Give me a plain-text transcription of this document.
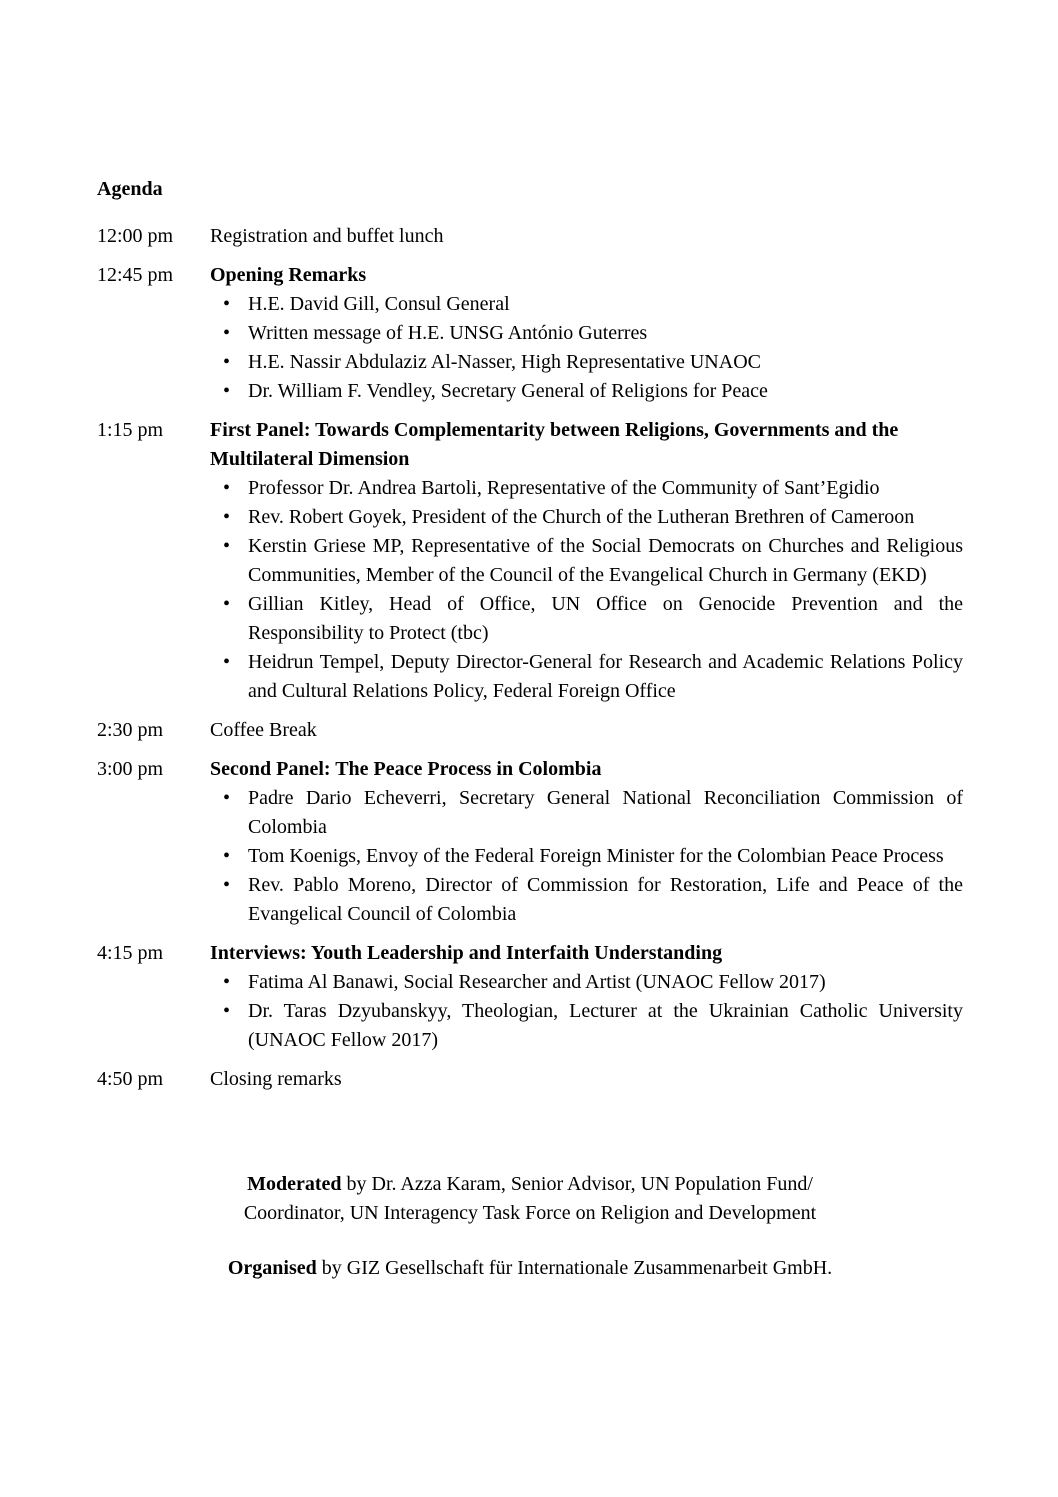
Agenda

12:00 pm	Registration and buffet lunch
12:45 pm	Opening Remarks
• H.E. David Gill, Consul General
• Written message of H.E. UNSG António Guterres
• H.E. Nassir Abdulaziz Al-Nasser, High Representative UNAOC
• Dr. William F. Vendley, Secretary General of Religions for Peace
1:15 pm	First Panel: Towards Complementarity between Religions, Governments and the Multilateral Dimension
• Professor Dr. Andrea Bartoli, Representative of the Community of Sant’Egidio
• Rev. Robert Goyek, President of the Church of the Lutheran Brethren of Cameroon
• Kerstin Griese MP, Representative of the Social Democrats on Churches and Religious Communities, Member of the Council of the Evangelical Church in Germany (EKD)
• Gillian Kitley, Head of Office, UN Office on Genocide Prevention and the Responsibility to Protect (tbc)
• Heidrun Tempel, Deputy Director-General for Research and Academic Relations Policy and Cultural Relations Policy, Federal Foreign Office
2:30 pm	Coffee Break
3:00 pm	Second Panel: The Peace Process in Colombia
• Padre Dario Echeverri, Secretary General National Reconciliation Commission of Colombia
• Tom Koenigs, Envoy of the Federal Foreign Minister for the Colombian Peace Process
• Rev. Pablo Moreno, Director of Commission for Restoration, Life and Peace of the Evangelical Council of Colombia
4:15 pm	Interviews: Youth Leadership and Interfaith Understanding
• Fatima Al Banawi, Social Researcher and Artist (UNAOC Fellow 2017)
• Dr. Taras Dzyubanskyy, Theologian, Lecturer at the Ukrainian Catholic University (UNAOC Fellow 2017)
4:50 pm	Closing remarks

Moderated by Dr. Azza Karam, Senior Advisor, UN Population Fund/ Coordinator, UN Interagency Task Force on Religion and Development

Organised by GIZ Gesellschaft für Internationale Zusammenarbeit GmbH.
